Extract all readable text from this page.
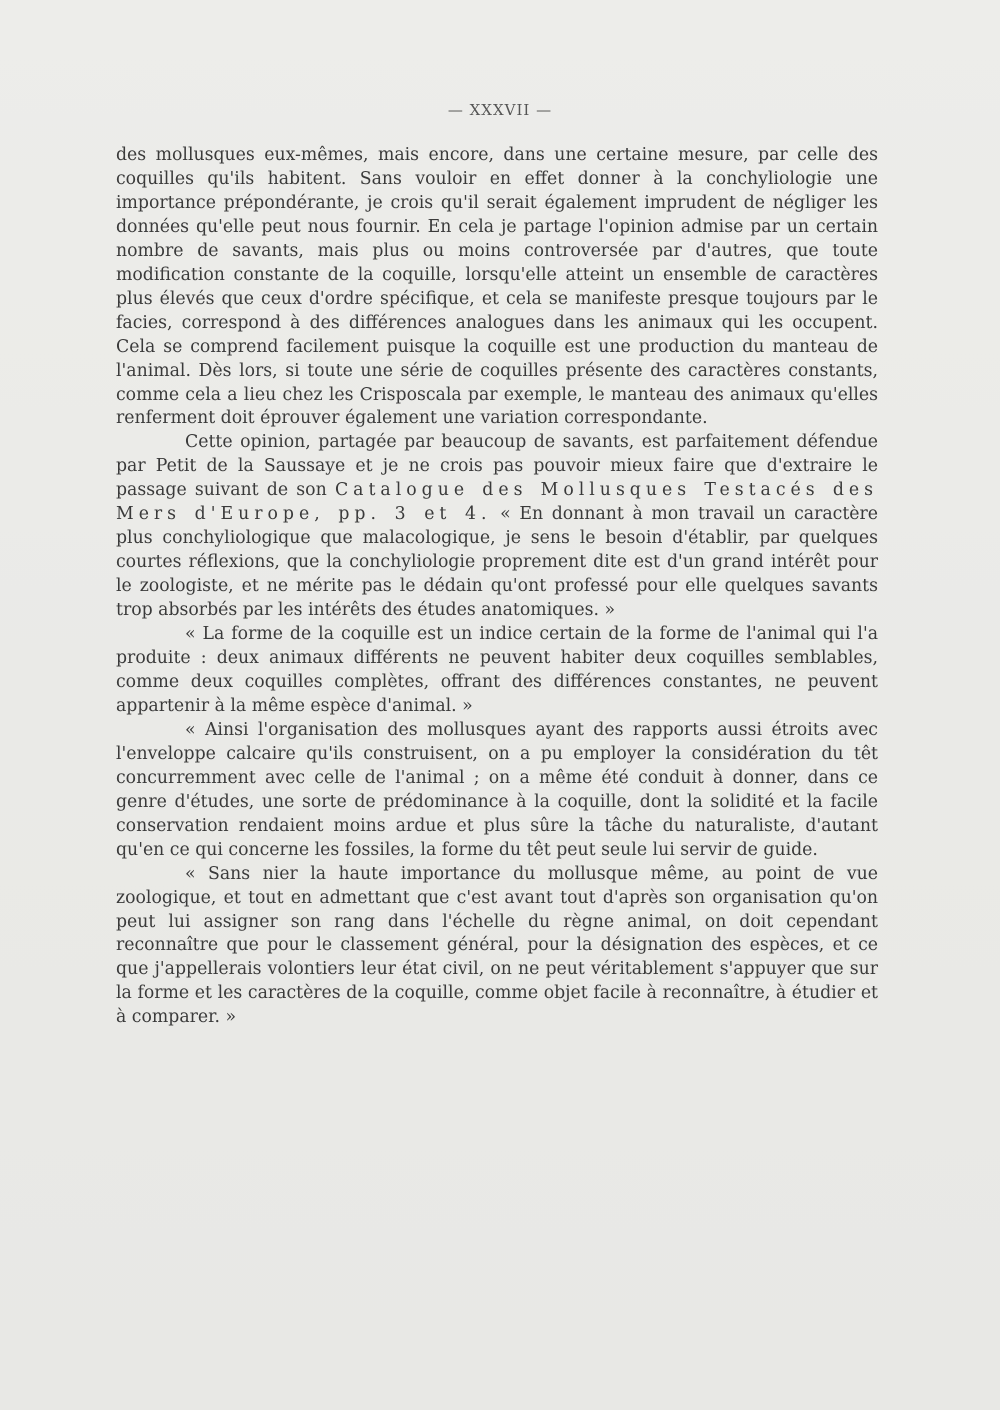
— XXXVII —

des mollusques eux-mêmes, mais encore, dans une certaine mesure, par celle des coquilles qu'ils habitent. Sans vouloir en effet donner à la conchyliologie une importance prépondérante, je crois qu'il serait également imprudent de négliger les données qu'elle peut nous fournir. En cela je partage l'opinion admise par un certain nombre de savants, mais plus ou moins controversée par d'autres, que toute modification constante de la coquille, lorsqu'elle atteint un ensemble de caractères plus élevés que ceux d'ordre spécifique, et cela se manifeste presque toujours par le facies, correspond à des différences analogues dans les animaux qui les occupent. Cela se comprend facilement puisque la coquille est une production du manteau de l'animal. Dès lors, si toute une série de coquilles présente des caractères constants, comme cela a lieu chez les Crisposcala par exemple, le manteau des animaux qu'elles renferment doit éprouver également une variation correspondante.

Cette opinion, partagée par beaucoup de savants, est parfaitement défendue par Petit de la Saussaye et je ne crois pas pouvoir mieux faire que d'extraire le passage suivant de son Catalogue des Mollusques Testacés des Mers d'Europe, pp. 3 et 4. « En donnant à mon travail un caractère plus conchyliologique que malacologique, je sens le besoin d'établir, par quelques courtes réflexions, que la conchyliologie proprement dite est d'un grand intérêt pour le zoologiste, et ne mérite pas le dédain qu'ont professé pour elle quelques savants trop absorbés par les intérêts des études anatomiques. »

« La forme de la coquille est un indice certain de la forme de l'animal qui l'a produite : deux animaux différents ne peuvent habiter deux coquilles semblables, comme deux coquilles complètes, offrant des différences constantes, ne peuvent appartenir à la même espèce d'animal. »

« Ainsi l'organisation des mollusques ayant des rapports aussi étroits avec l'enveloppe calcaire qu'ils construisent, on a pu employer la considération du têt concurremment avec celle de l'animal ; on a même été conduit à donner, dans ce genre d'études, une sorte de prédominance à la coquille, dont la solidité et la facile conservation rendaient moins ardue et plus sûre la tâche du naturaliste, d'autant qu'en ce qui concerne les fossiles, la forme du têt peut seule lui servir de guide.

« Sans nier la haute importance du mollusque même, au point de vue zoologique, et tout en admettant que c'est avant tout d'après son organisation qu'on peut lui assigner son rang dans l'échelle du règne animal, on doit cependant reconnaître que pour le classement général, pour la désignation des espèces, et ce que j'appellerais volontiers leur état civil, on ne peut véritablement s'appuyer que sur la forme et les caractères de la coquille, comme objet facile à reconnaître, à étudier et à comparer. »
